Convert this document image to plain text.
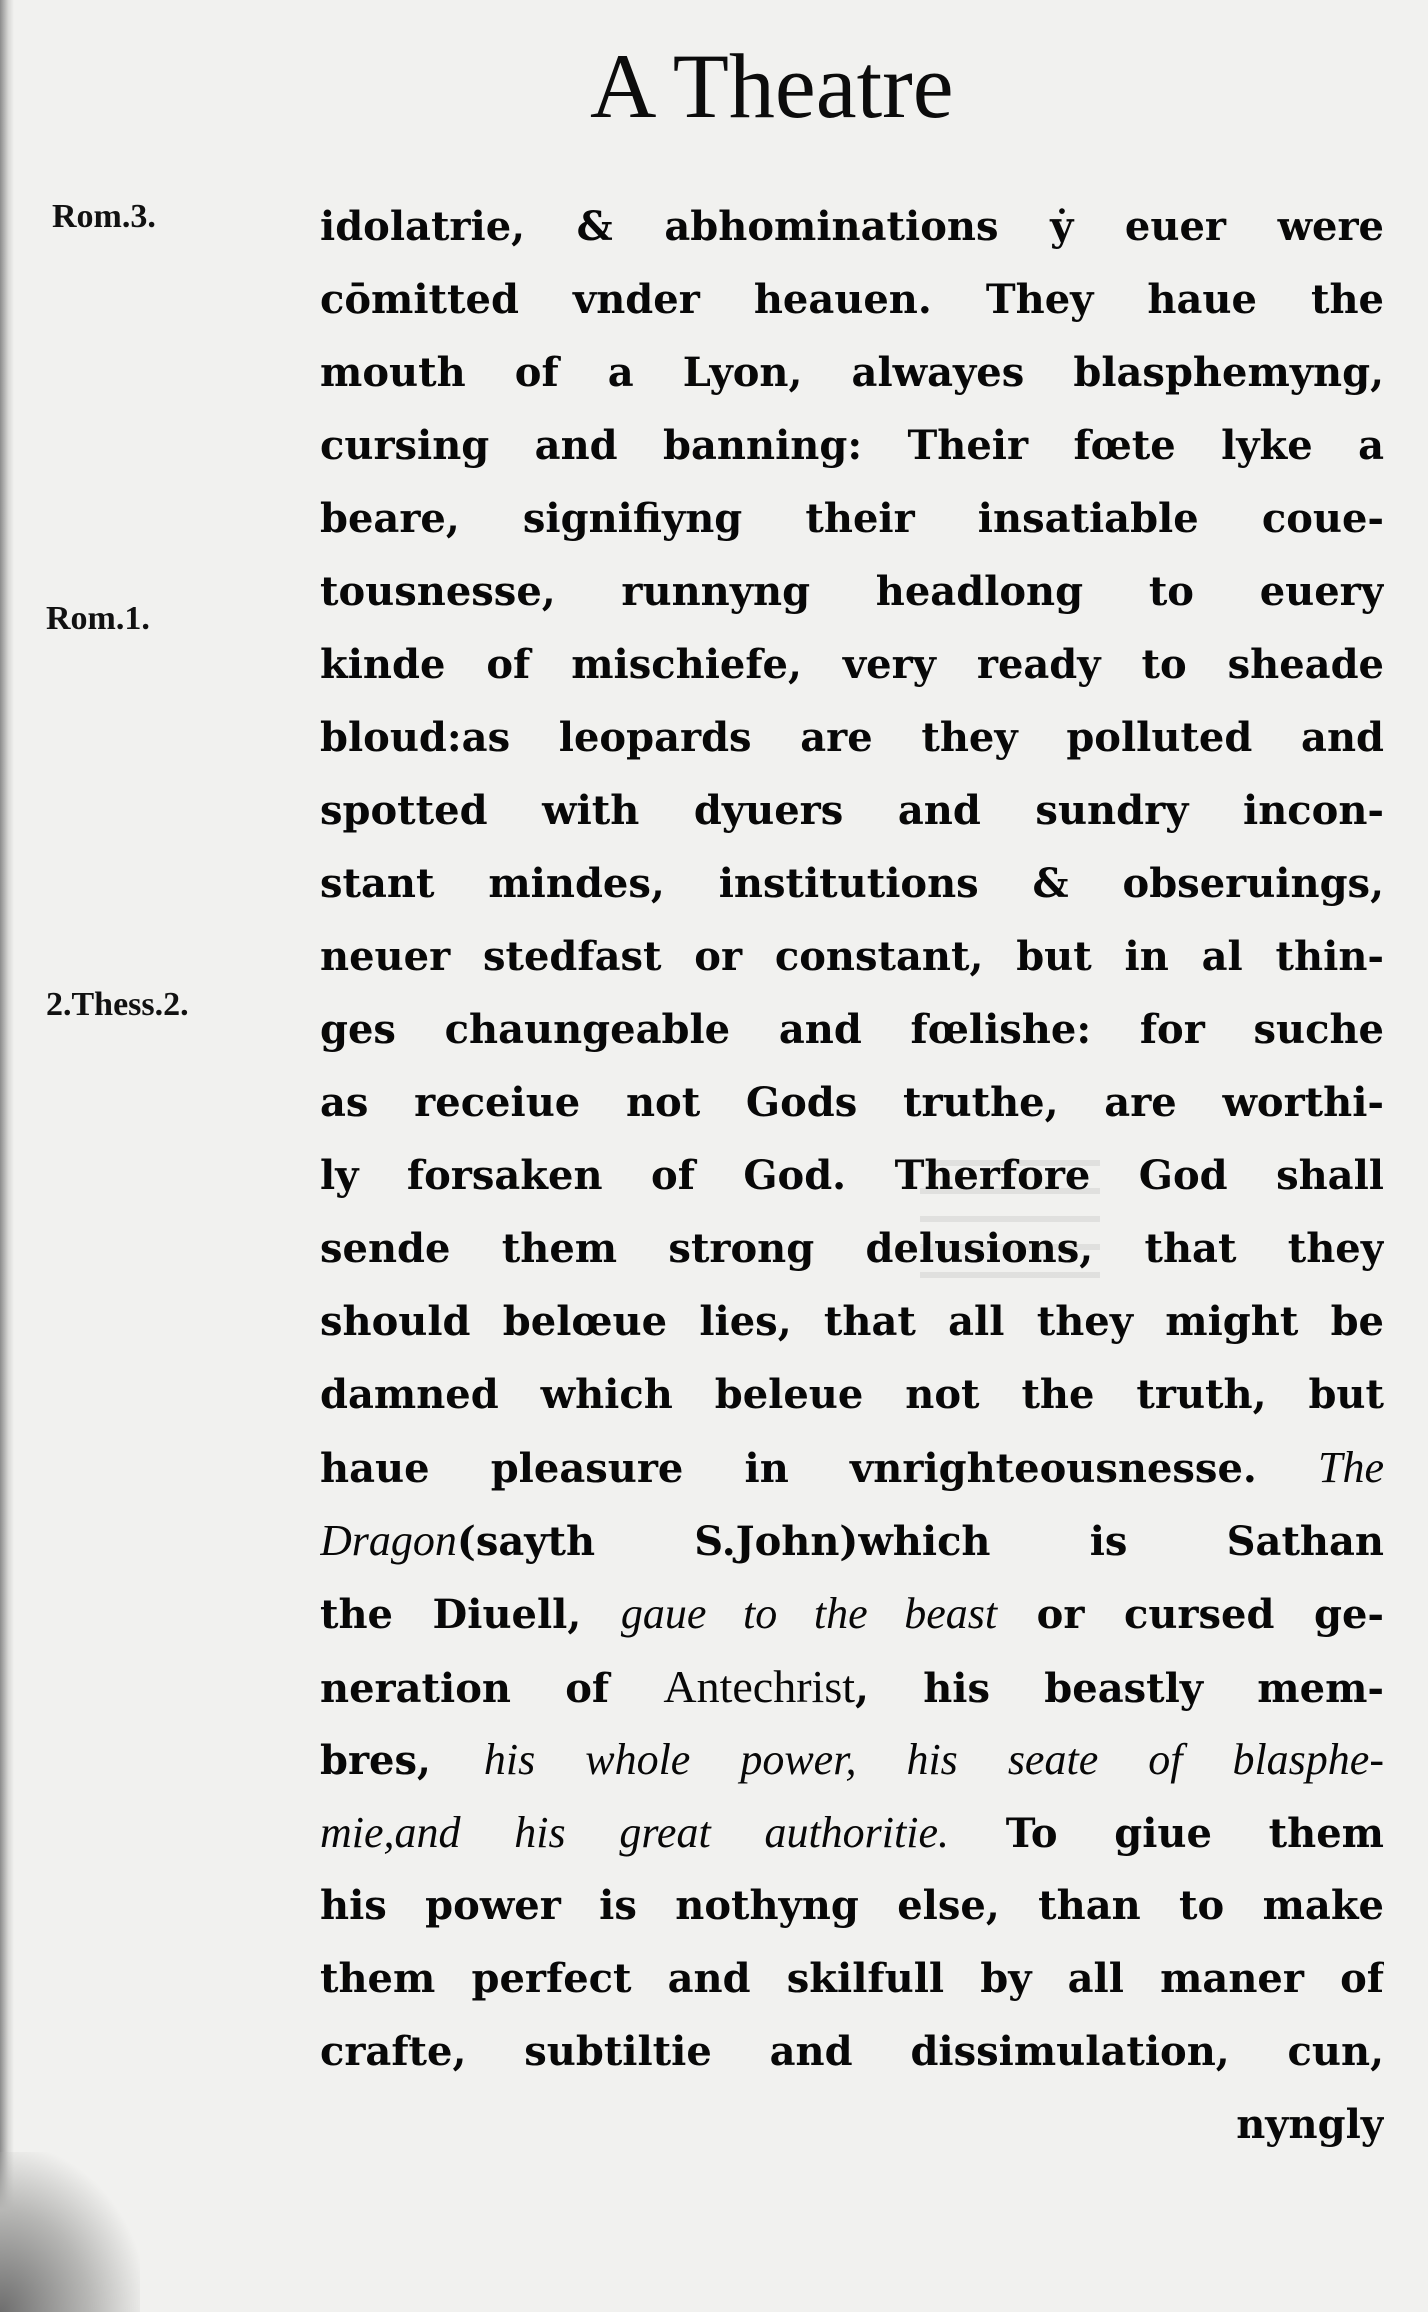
A Theatre
Rom.3.
Rom.1.
2.Thess.2.
idolatrie, & abhominations ẏ euer were
cōmitted vnder heauen. They haue the
mouth of a Lyon, alwayes blasphemyng,
cursing and banning: Their fœte lyke a
beare, signifiyng their insatiable coue-
tousnesse, runnyng headlong to euery
kinde of mischiefe, very ready to sheade
bloud:as leopards are they polluted and
spotted with dyuers and sundry incon-
stant mindes, institutions & obseruings,
neuer stedfast or constant, but in al thin-
ges chaungeable and fœlishe: for suche
as receiue not Gods truthe, are worthi-
ly forsaken of God. Therfore God shall
sende them strong delusions, that they
should belœue lies, that all they might be
damned which beleue not the truth, but
haue pleasure in vnrighteousnesse. The
Dragon(sayth S.John)which is Sathan
the Diuell, gaue to the beast or cursed ge-
neration of Antechrist, his beastly mem-
bres, his whole power, his seate of blasphe-
mie,and his great authoritie. To giue them
his power is nothyng else, than to make
them perfect and skilfull by all maner of
crafte, subtiltie and dissimulation, cun,
nyngly
